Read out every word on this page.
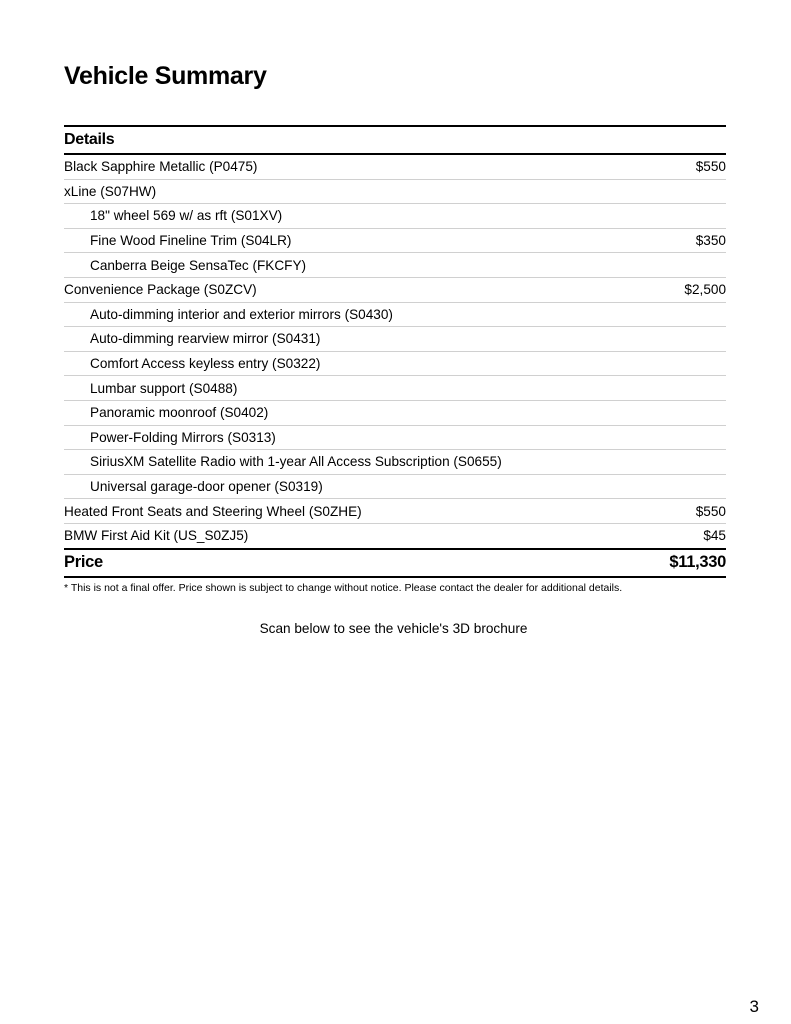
Vehicle Summary
Details
Black Sapphire Metallic (P0475)	$550
xLine (S07HW)
18" wheel 569 w/ as rft (S01XV)
Fine Wood Fineline Trim (S04LR)	$350
Canberra Beige SensaTec (FKCFY)
Convenience Package (S0ZCV)	$2,500
Auto-dimming interior and exterior mirrors (S0430)
Auto-dimming rearview mirror (S0431)
Comfort Access keyless entry (S0322)
Lumbar support (S0488)
Panoramic moonroof (S0402)
Power-Folding Mirrors (S0313)
SiriusXM Satellite Radio with 1-year All Access Subscription (S0655)
Universal garage-door opener (S0319)
Heated Front Seats and Steering Wheel (S0ZHE)	$550
BMW First Aid Kit (US_S0ZJ5)	$45
Price	$11,330
* This is not a final offer. Price shown is subject to change without notice. Please contact the dealer for additional details.
Scan below to see the vehicle's 3D brochure
3
